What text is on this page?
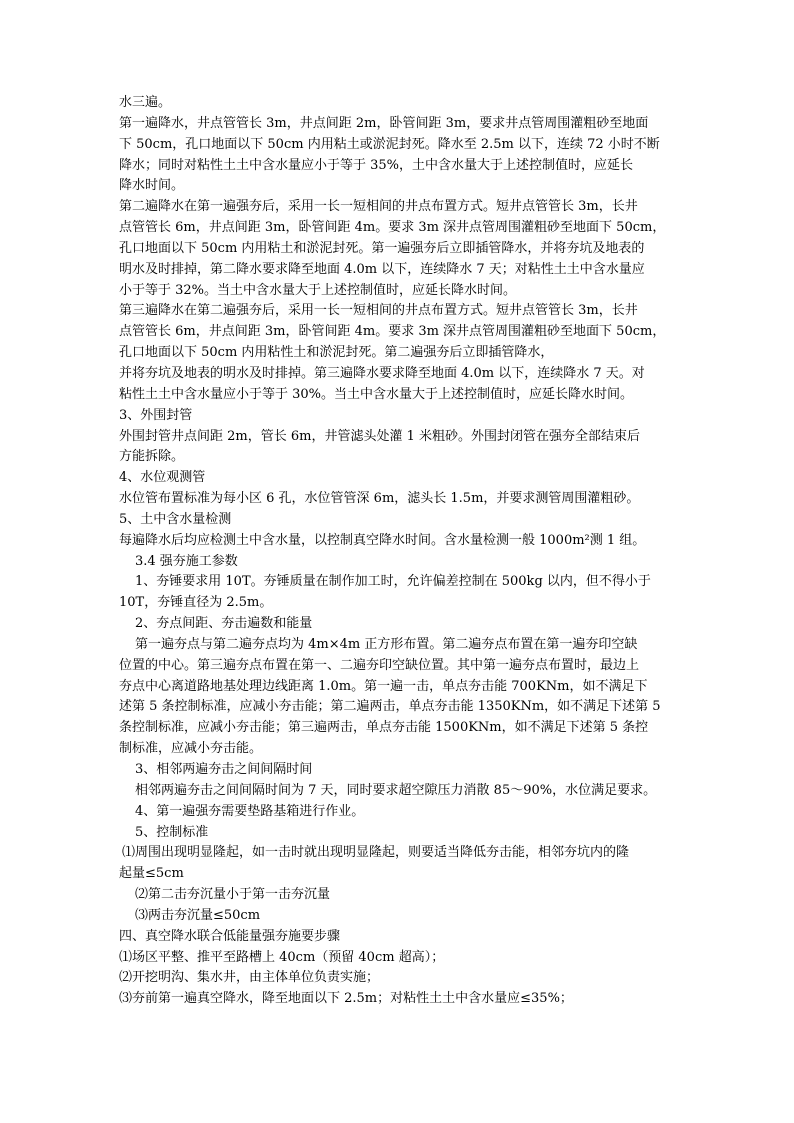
水三遍。
第一遍降水，井点管管长 3m，井点间距 2m，卧管间距 3m，要求井点管周围灌粗砂至地面
下 50cm，孔口地面以下 50cm 内用粘土或淤泥封死。降水至 2.5m 以下，连续 72 小时不断
降水；同时对粘性土土中含水量应小于等于 35%，土中含水量大于上述控制值时，应延长
降水时间。
第二遍降水在第一遍强夯后，采用一长一短相间的井点布置方式。短井点管管长 3m，长井
点管管长 6m，井点间距 3m，卧管间距 4m。要求 3m 深井点管周围灌粗砂至地面下 50cm，
孔口地面以下 50cm 内用粘土和淤泥封死。第一遍强夯后立即插管降水，并将夯坑及地表的
明水及时排掉，第二降水要求降至地面 4.0m 以下，连续降水 7 天；对粘性土土中含水量应
小于等于 32%。当土中含水量大于上述控制值时，应延长降水时间。
第三遍降水在第二遍强夯后，采用一长一短相间的井点布置方式。短井点管管长 3m，长井
点管管长 6m，井点间距 3m，卧管间距 4m。要求 3m 深井点管周围灌粗砂至地面下 50cm，
孔口地面以下 50cm 内用粘性土和淤泥封死。第二遍强夯后立即插管降水，
并将夯坑及地表的明水及时排掉。第三遍降水要求降至地面 4.0m 以下，连续降水 7 天。对
粘性土土中含水量应小于等于 30%。当土中含水量大于上述控制值时，应延长降水时间。
3、外围封管
外围封管井点间距 2m，管长 6m，井管滤头处灌 1 米粗砂。外围封闭管在强夯全部结束后
方能拆除。
4、水位观测管
水位管布置标准为每小区 6 孔，水位管管深 6m，滤头长 1.5m，并要求测管周围灌粗砂。
5、土中含水量检测
每遍降水后均应检测土中含水量，以控制真空降水时间。含水量检测一般 1000m²测 1 组。
3.4 强夯施工参数
1、夯锤要求用 10T。夯锤质量在制作加工时，允许偏差控制在 500kg 以内，但不得小于
10T，夯锤直径为 2.5m。
2、夯点间距、夯击遍数和能量
第一遍夯点与第二遍夯点均为 4m×4m 正方形布置。第二遍夯点布置在第一遍夯印空缺
位置的中心。第三遍夯点布置在第一、二遍夯印空缺位置。其中第一遍夯点布置时，最边上
夯点中心离道路地基处理边线距离 1.0m。第一遍一击，单点夯击能 700KNm，如不满足下
述第 5 条控制标准，应减小夯击能；第二遍两击，单点夯击能 1350KNm，如不满足下述第 5
条控制标准，应减小夯击能；第三遍两击，单点夯击能 1500KNm，如不满足下述第 5 条控
制标准，应减小夯击能。
3、相邻两遍夯击之间间隔时间
相邻两遍夯击之间间隔时间为 7 天，同时要求超空隙压力消散 85～90%，水位满足要求。
4、第一遍强夯需要垫路基箱进行作业。
5、控制标准
⑴周围出现明显隆起，如一击时就出现明显隆起，则要适当降低夯击能，相邻夯坑内的隆
起量≤5cm
⑵第二击夯沉量小于第一击夯沉量
⑶两击夯沉量≤50cm
四、真空降水联合低能量强夯施要步骤
⑴场区平整、推平至路槽上 40cm（预留 40cm 超高）；
⑵开挖明沟、集水井，由主体单位负责实施；
⑶夯前第一遍真空降水，降至地面以下 2.5m；对粘性土土中含水量应≤35%；
